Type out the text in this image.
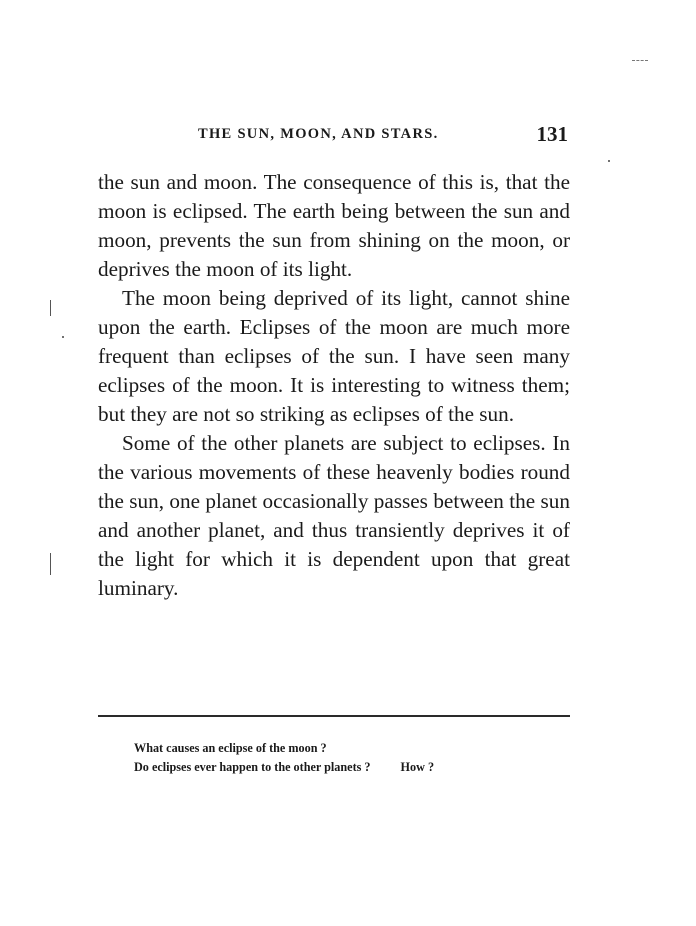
THE SUN, MOON, AND STARS.	131

the sun and moon. The consequence of this is, that the moon is eclipsed. The earth being between the sun and moon, prevents the sun from shining on the moon, or deprives the moon of its light.

The moon being deprived of its light, cannot shine upon the earth. Eclipses of the moon are much more frequent than eclipses of the sun. I have seen many eclipses of the moon. It is interesting to witness them; but they are not so striking as eclipses of the sun.

Some of the other planets are subject to eclipses. In the various movements of these heavenly bodies round the sun, one planet occasionally passes between the sun and another planet, and thus transiently deprives it of the light for which it is dependent upon that great luminary.

What causes an eclipse of the moon ?

Do eclipses ever happen to the other planets ? How ?
